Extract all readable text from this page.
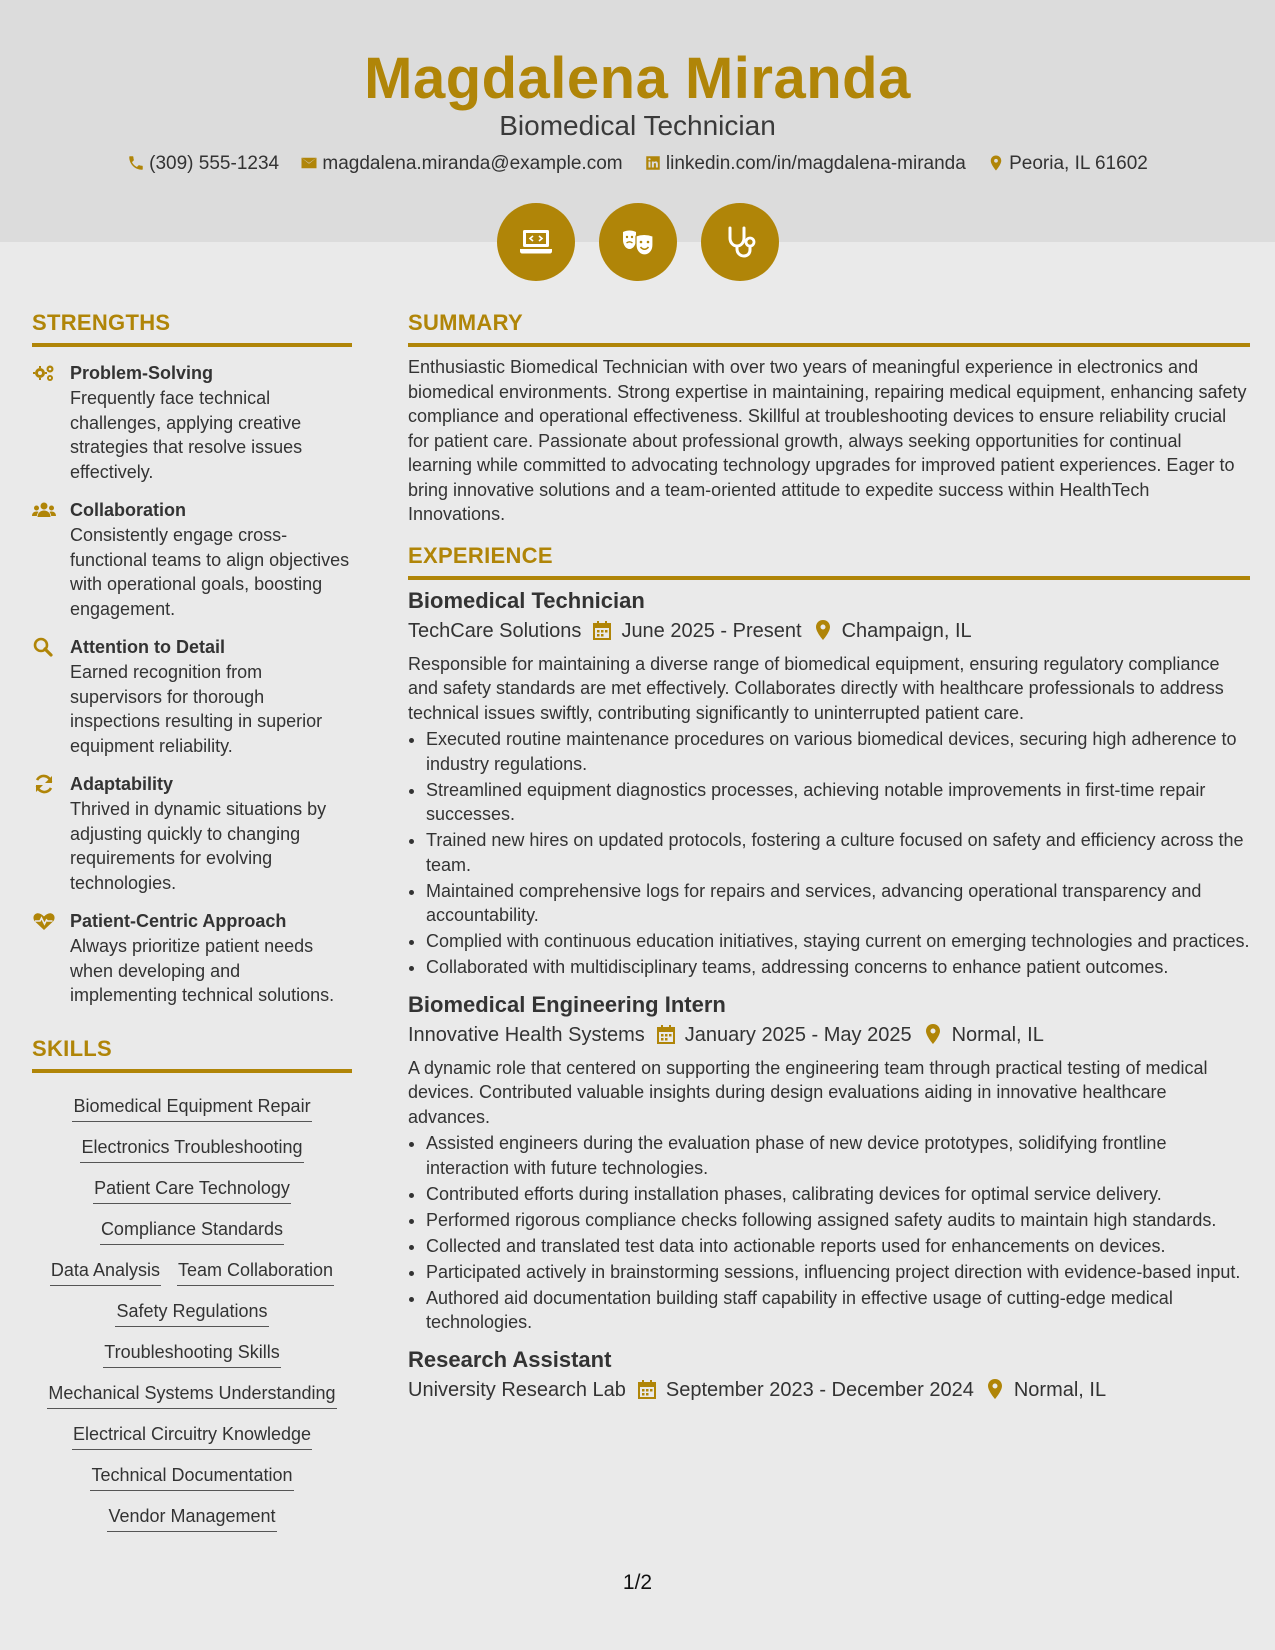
Magdalena Miranda
Biomedical Technician
(309) 555-1234 magdalena.miranda@example.com linkedin.com/in/magdalena-miranda Peoria, IL 61602

STRENGTHS
Problem-Solving
Frequently face technical challenges, applying creative strategies that resolve issues effectively.
Collaboration
Consistently engage cross-functional teams to align objectives with operational goals, boosting engagement.
Attention to Detail
Earned recognition from supervisors for thorough inspections resulting in superior equipment reliability.
Adaptability
Thrived in dynamic situations by adjusting quickly to changing requirements for evolving technologies.
Patient-Centric Approach
Always prioritize patient needs when developing and implementing technical solutions.
SKILLS
Biomedical Equipment Repair
Electronics Troubleshooting
Patient Care Technology
Compliance Standards
Data Analysis Team Collaboration
Safety Regulations
Troubleshooting Skills
Mechanical Systems Understanding
Electrical Circuitry Knowledge
Technical Documentation
Vendor Management
SUMMARY
Enthusiastic Biomedical Technician with over two years of meaningful experience in electronics and biomedical environments. Strong expertise in maintaining, repairing medical equipment, enhancing safety compliance and operational effectiveness. Skillful at troubleshooting devices to ensure reliability crucial for patient care. Passionate about professional growth, always seeking opportunities for continual learning while committed to advocating technology upgrades for improved patient experiences. Eager to bring innovative solutions and a team-oriented attitude to expedite success within HealthTech Innovations.
EXPERIENCE
Biomedical Technician
TechCare Solutions June 2025 - Present Champaign, IL
Responsible for maintaining a diverse range of biomedical equipment, ensuring regulatory compliance and safety standards are met effectively. Collaborates directly with healthcare professionals to address technical issues swiftly, contributing significantly to uninterrupted patient care.
• Executed routine maintenance procedures on various biomedical devices, securing high adherence to industry regulations.
• Streamlined equipment diagnostics processes, achieving notable improvements in first-time repair successes.
• Trained new hires on updated protocols, fostering a culture focused on safety and efficiency across the team.
• Maintained comprehensive logs for repairs and services, advancing operational transparency and accountability.
• Complied with continuous education initiatives, staying current on emerging technologies and practices.
• Collaborated with multidisciplinary teams, addressing concerns to enhance patient outcomes.
Biomedical Engineering Intern
Innovative Health Systems January 2025 - May 2025 Normal, IL
A dynamic role that centered on supporting the engineering team through practical testing of medical devices. Contributed valuable insights during design evaluations aiding in innovative healthcare advances.
• Assisted engineers during the evaluation phase of new device prototypes, solidifying frontline interaction with future technologies.
• Contributed efforts during installation phases, calibrating devices for optimal service delivery.
• Performed rigorous compliance checks following assigned safety audits to maintain high standards.
• Collected and translated test data into actionable reports used for enhancements on devices.
• Participated actively in brainstorming sessions, influencing project direction with evidence-based input.
• Authored aid documentation building staff capability in effective usage of cutting-edge medical technologies.
Research Assistant
University Research Lab September 2023 - December 2024 Normal, IL
1/2
